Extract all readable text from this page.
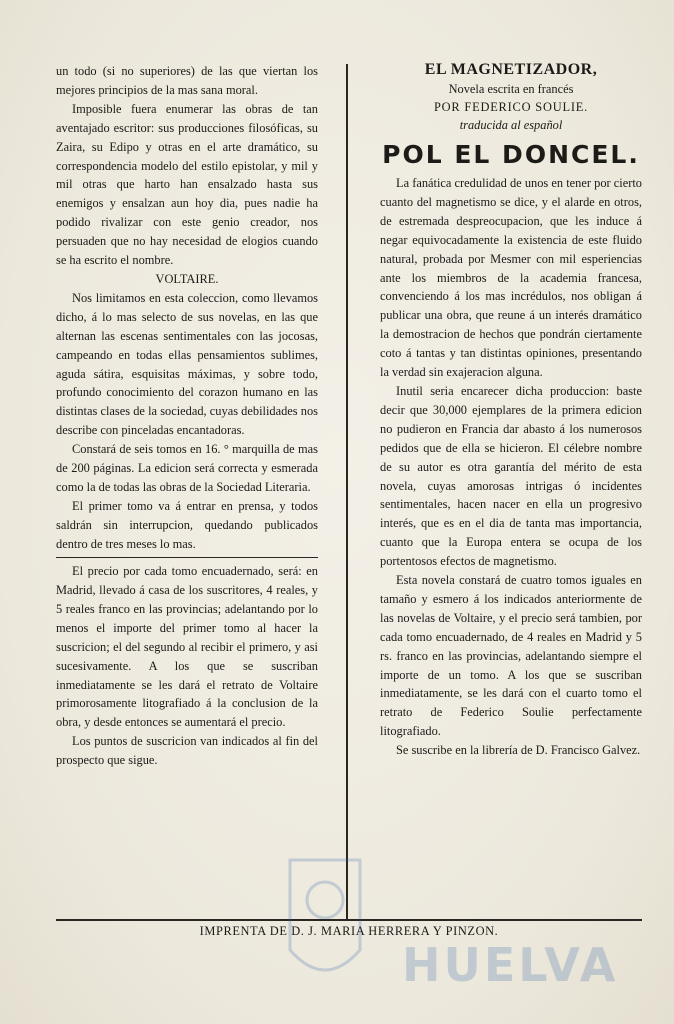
un todo (si no superiores) de las que viertan los mejores principios de la mas sana moral.

Imposible fuera enumerar las obras de tan aventajado escritor: sus producciones filosóficas, su Zaira, su Edipo y otras en el arte dramático, su correspondencia modelo del estilo epistolar, y mil y mil otras que harto han ensalzado hasta sus enemigos y ensalzan aun hoy dia, pues nadie ha podido rivalizar con este genio creador, nos persuaden que no hay necesidad de elogios cuando se ha escrito el nombre.

VOLTAIRE.

Nos limitamos en esta coleccion, como llevamos dicho, á lo mas selecto de sus novelas, en las que alternan las escenas sentimentales con las jocosas, campeando en todas ellas pensamientos sublimes, aguda sátira, esquisitas máximas, y sobre todo, profundo conocimiento del corazon humano en las distintas clases de la sociedad, cuyas debilidades nos describe con pinceladas encantadoras.

Constará de seis tomos en 16. ° marquilla de mas de 200 páginas. La edicion será correcta y esmerada como la de todas las obras de la Sociedad Literaria.

El primer tomo va á entrar en prensa, y todos saldrán sin interrupcion, quedando publicados dentro de tres meses lo mas.

El precio por cada tomo encuadernado, será: en Madrid, llevado á casa de los suscritores, 4 reales, y 5 reales franco en las provincias; adelantando por lo menos el importe del primer tomo al hacer la suscricion; el del segundo al recibir el primero, y asi sucesivamente. A los que se suscriban inmediatamente se les dará el retrato de Voltaire primorosamente litografiado á la conclusion de la obra, y desde entonces se aumentará el precio.

Los puntos de suscricion van indicados al fin del prospecto que sigue.

EL MAGNETIZADOR,
Novela escrita en francés
POR FEDERICO SOULIE.
traducida al español
POL EL DONCEL.

La fanática credulidad de unos en tener por cierto cuanto del magnetismo se dice, y el alarde en otros, de estremada despreocupacion, que les induce á negar equivocadamente la existencia de este fluido natural, probada por Mesmer con mil esperiencias ante los miembros de la academia francesa, convenciendo á los mas incrédulos, nos obligan á publicar una obra, que reune á un interés dramático la demostracion de hechos que pondrán ciertamente coto á tantas y tan distintas opiniones, presentando la verdad sin exajeracion alguna.

Inutil seria encarecer dicha produccion: baste decir que 30,000 ejemplares de la primera edicion no pudieron en Francia dar abasto á los numerosos pedidos que de ella se hicieron. El célebre nombre de su autor es otra garantía del mérito de esta novela, cuyas amorosas intrigas ó incidentes sentimentales, hacen nacer en ella un progresivo interés, que es en el dia de tanta mas importancia, cuanto que la Europa entera se ocupa de los portentosos efectos de magnetismo.

Esta novela constará de cuatro tomos iguales en tamaño y esmero á los indicados anteriormente de las novelas de Voltaire, y el precio será tambien, por cada tomo encuadernado, de 4 reales en Madrid y 5 rs. franco en las provincias, adelantando siempre el importe de un tomo. A los que se suscriban inmediatamente, se les dará con el cuarto tomo el retrato de Federico Soulie perfectamente litografiado.

Se suscribe en la librería de D. Francisco Galvez.

IMPRENTA DE D. J. MARIA HERRERA Y PINZON.
HUELVA
